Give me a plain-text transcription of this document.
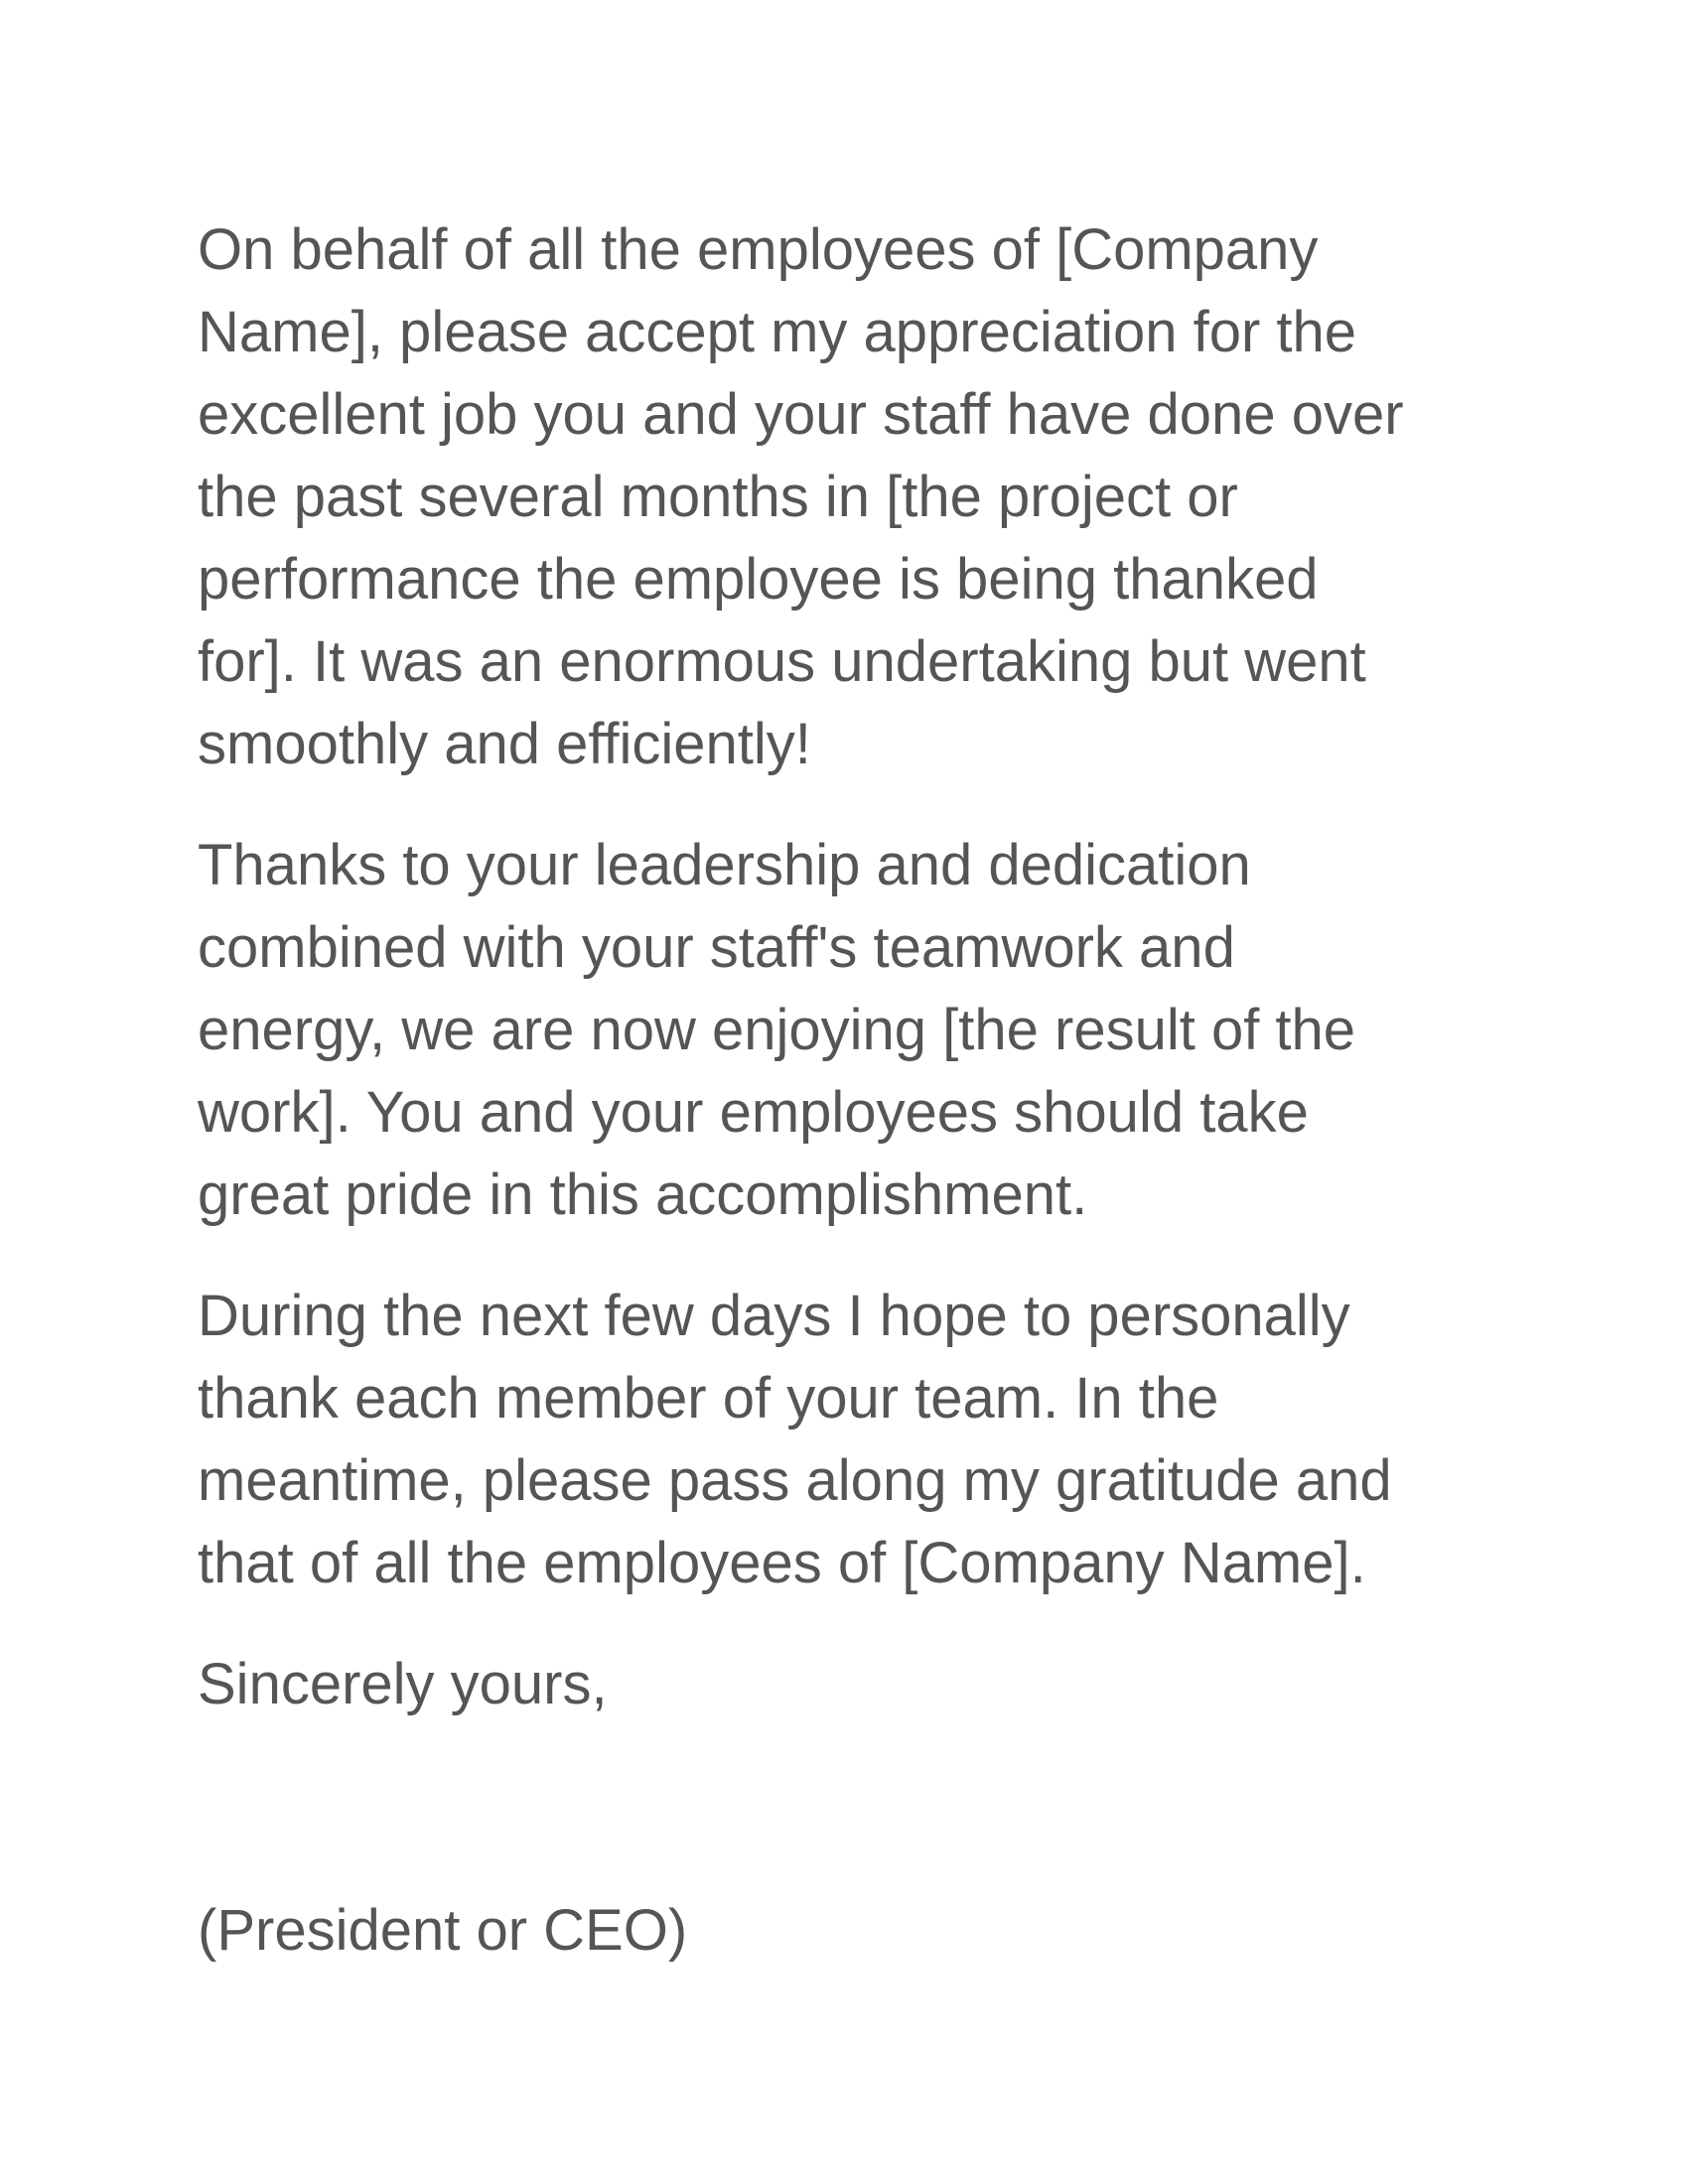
On behalf of all the employees of [Company
Name], please accept my appreciation for the
excellent job you and your staff have done over
the past several months in [the project or
performance the employee is being thanked
for]. It was an enormous undertaking but went
smoothly and efficiently!
Thanks to your leadership and dedication
combined with your staff's teamwork and
energy, we are now enjoying [the result of the
work]. You and your employees should take
great pride in this accomplishment.
During the next few days I hope to personally
thank each member of your team. In the
meantime, please pass along my gratitude and
that of all the employees of [Company Name].
Sincerely yours,
(President or CEO)
